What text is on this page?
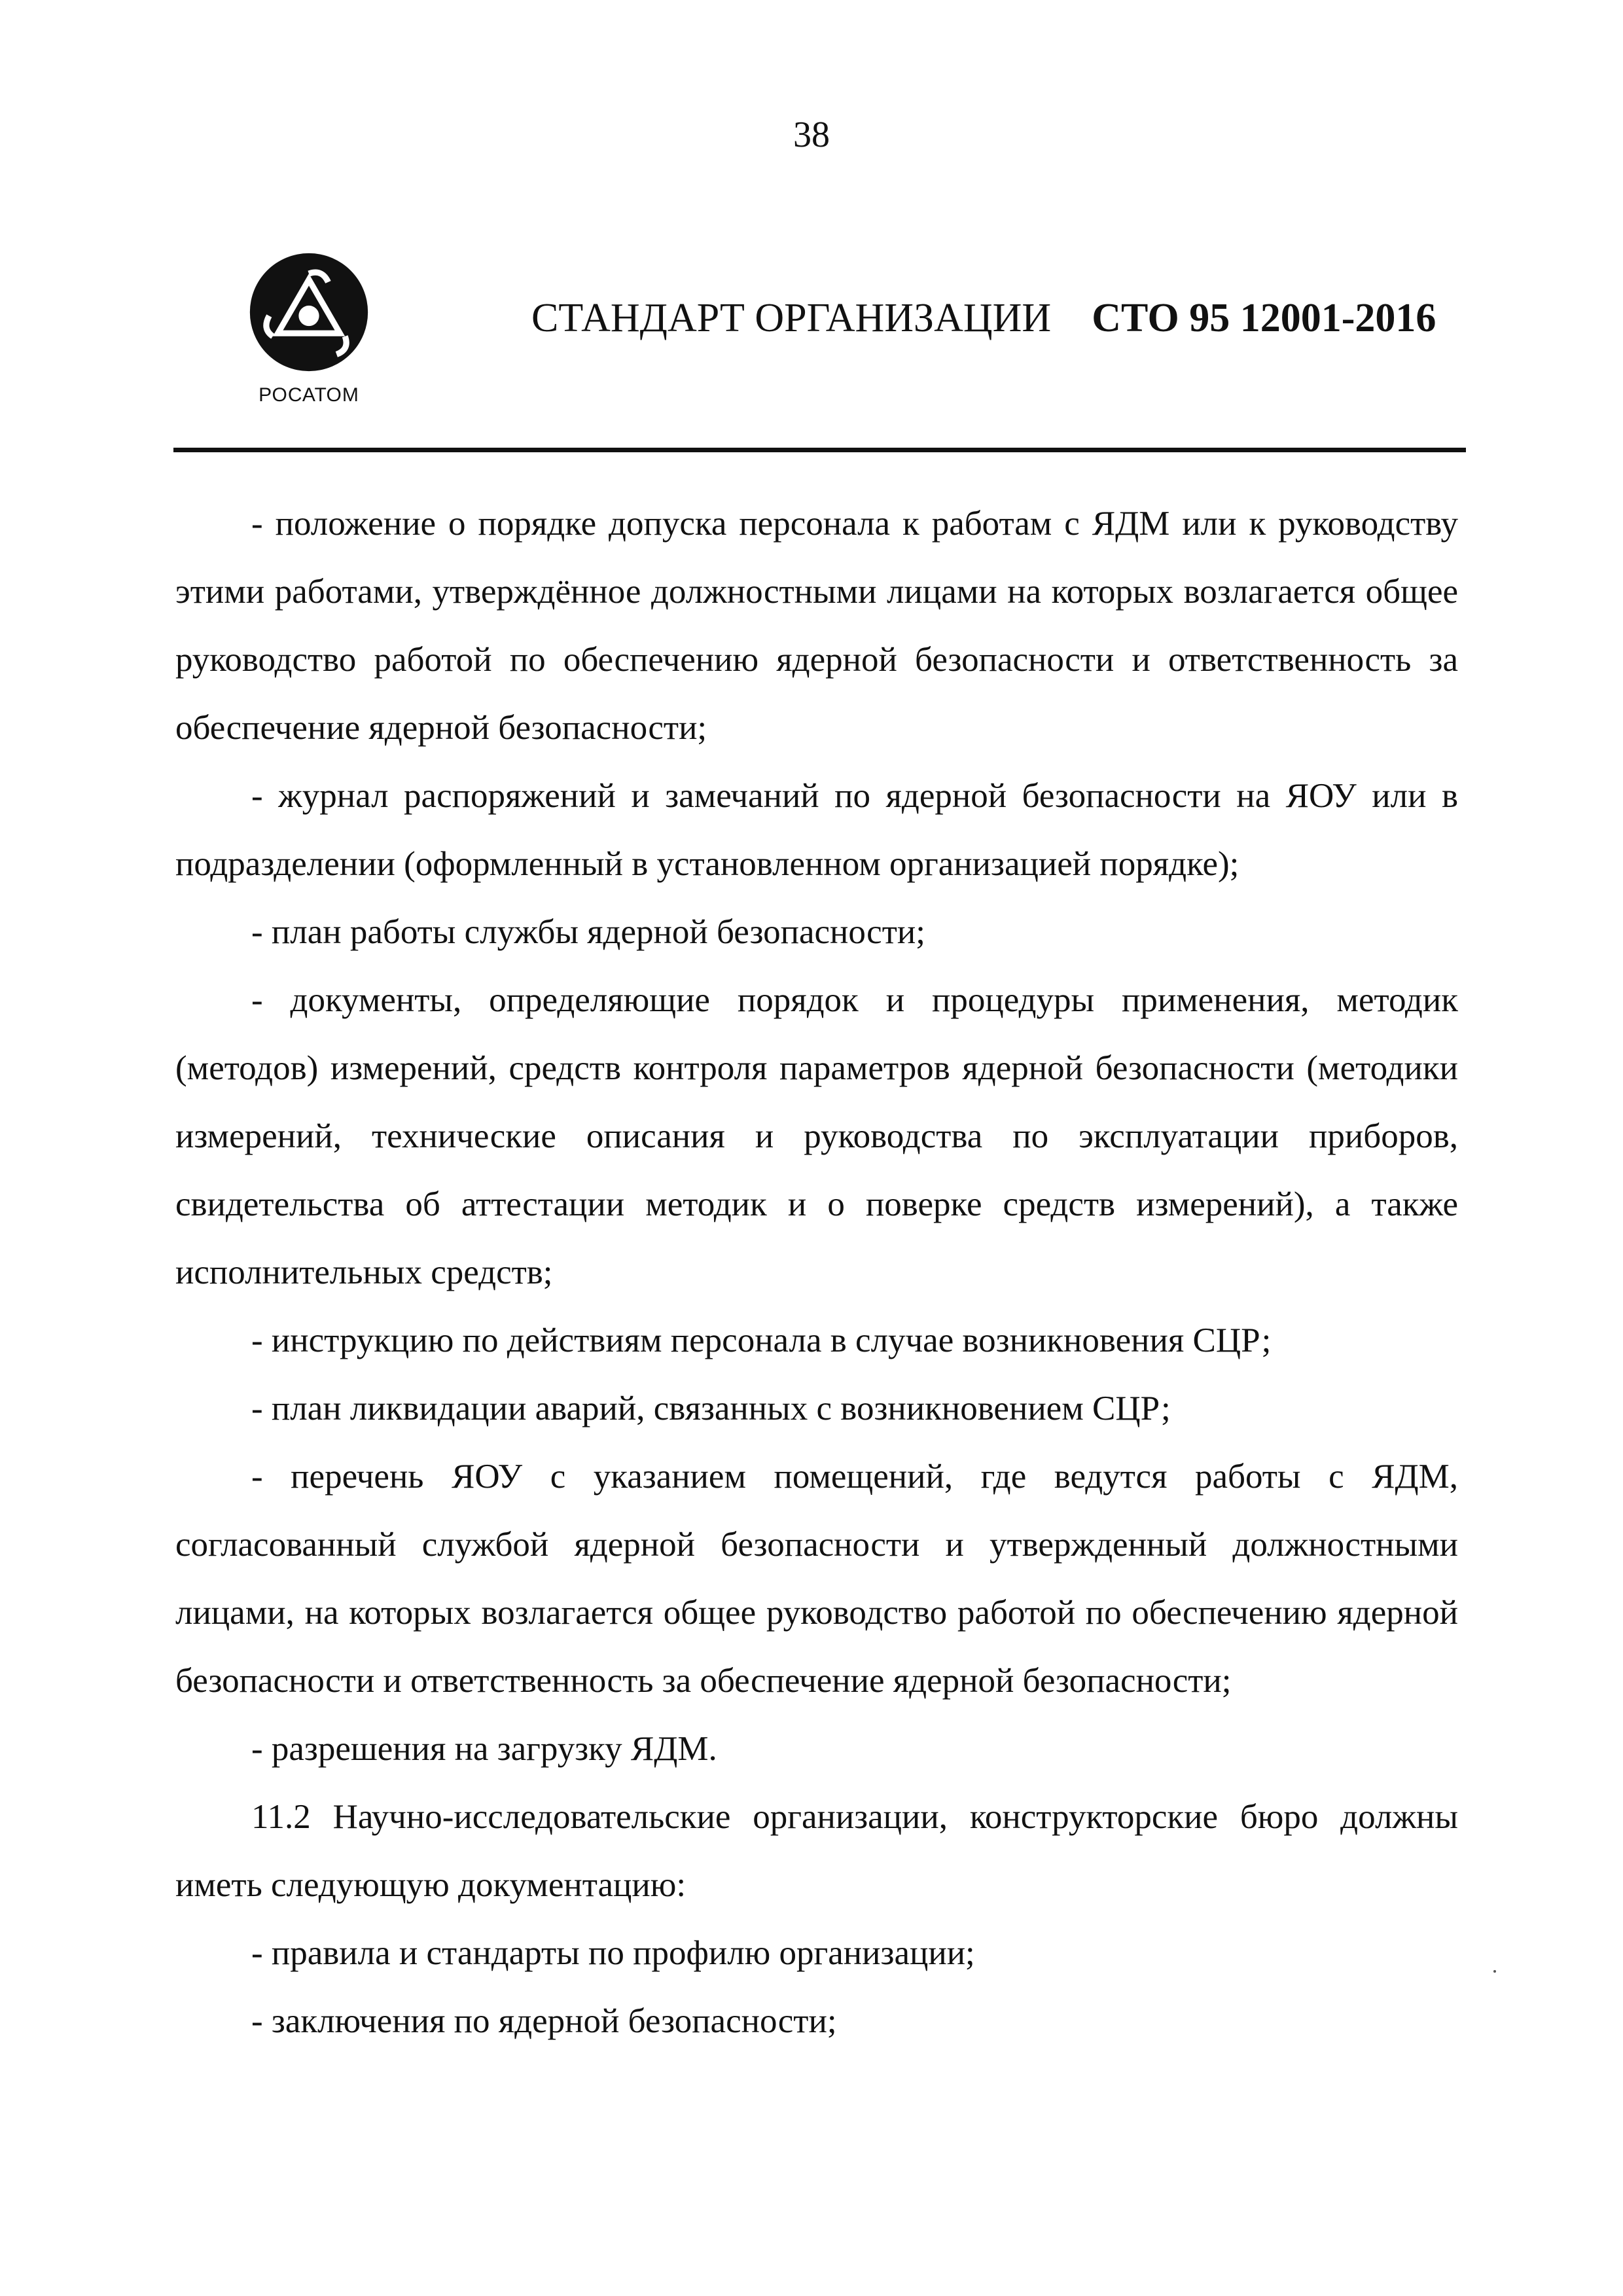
38
РОСАТОМ
СТАНДАРТ ОРГАНИЗАЦИИ СТО 95 12001-2016

- положение о порядке допуска персонала к работам с ЯДМ или к руководству этими работами, утверждённое должностными лицами на которых возлагается общее руководство работой по обеспечению ядерной безопасности и ответственность за обеспечение ядерной безопасности;

- журнал распоряжений и замечаний по ядерной безопасности на ЯОУ или в подразделении (оформленный в установленном организацией порядке);

- план работы службы ядерной безопасности;

- документы, определяющие порядок и процедуры применения, методик (методов) измерений, средств контроля параметров ядерной безопасности (методики измерений, технические описания и руководства по эксплуатации приборов, свидетельства об аттестации методик и о поверке средств измерений), а также исполнительных средств;

- инструкцию по действиям персонала в случае возникновения СЦР;

- план ликвидации аварий, связанных с возникновением СЦР;

- перечень ЯОУ с указанием помещений, где ведутся работы с ЯДМ, согласованный службой ядерной безопасности и утвержденный должностными лицами, на которых возлагается общее руководство работой по обеспечению ядерной безопасности и ответственность за обеспечение ядерной безопасности;

- разрешения на загрузку ЯДМ.

11.2 Научно-исследовательские организации, конструкторские бюро должны иметь следующую документацию:

- правила и стандарты по профилю организации;

- заключения по ядерной безопасности;
